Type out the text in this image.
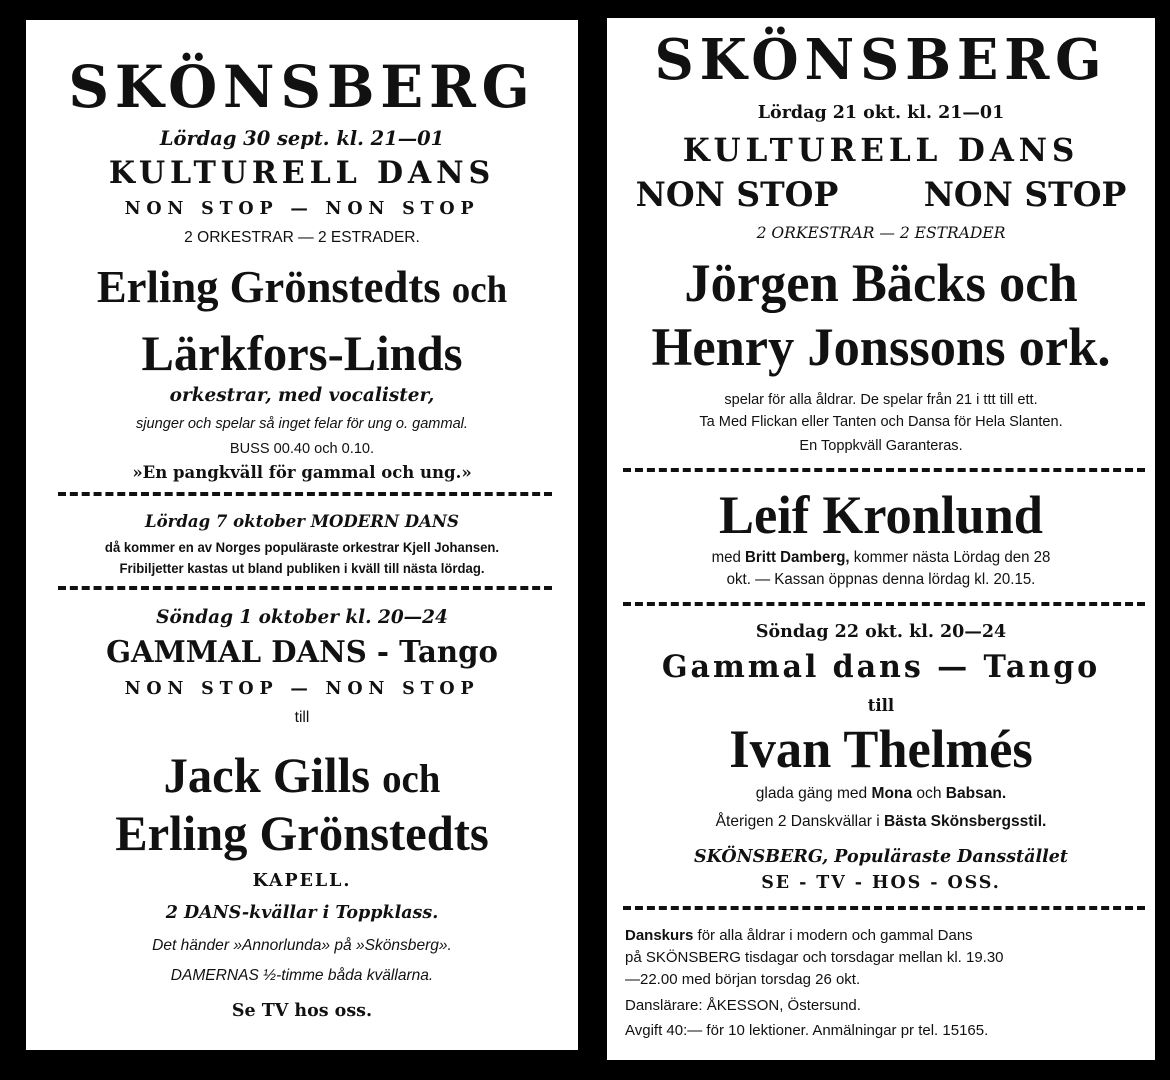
SKÖNSBERG
Lördag 30 sept. kl. 21—01
KULTURELL DANS
NON STOP — NON STOP
2 ORKESTRAR — 2 ESTRADER.
Erling Grönstedts och
Lärkfors-Linds
orkestrar, med vocalister,
sjunger och spelar så inget felar för ung o. gammal.
BUSS 00.40 och 0.10.
»En pangkväll för gammal och ung.»
Lördag 7 oktober MODERN DANS
då kommer en av Norges populäraste orkestrar Kjell Johansen.
Fribiljetter kastas ut bland publiken i kväll till nästa lördag.
Söndag 1 oktober kl. 20—24
GAMMAL DANS - Tango
NON STOP — NON STOP
till
Jack Gills och
Erling Grönstedts
KAPELL.
2 DANS-kvällar i Toppklass.
Det händer »Annorlunda» på »Skönsberg».
DAMERNAS ½-timme båda kvällarna.
Se TV hos oss.
SKÖNSBERG
Lördag 21 okt. kl. 21—01
KULTURELL DANS
NON STOP	NON STOP
2 ORKESTRAR — 2 ESTRADER
Jörgen Bäcks och
Henry Jonssons ork.
spelar för alla åldrar. De spelar från 21 i ttt till ett.
Ta Med Flickan eller Tanten och Dansa för Hela Slanten.
En Toppkväll Garanteras.
Leif Kronlund
med Britt Damberg, kommer nästa Lördag den 28
okt. — Kassan öppnas denna lördag kl. 20.15.
Söndag 22 okt. kl. 20—24
Gammal dans — Tango
till
Ivan Thelmés
glada gäng med Mona och Babsan.
Återigen 2 Danskvällar i Bästa Skönsbergsstil.
SKÖNSBERG, Populäraste Dansstället
SE - TV - HOS - OSS.
Danskurs för alla åldrar i modern och gammal Dans
på SKÖNSBERG tisdagar och torsdagar mellan kl. 19.30
—22.00 med början torsdag 26 okt.
Danslärare: ÅKESSON, Östersund.
Avgift 40:— för 10 lektioner. Anmälningar pr tel. 15165.
